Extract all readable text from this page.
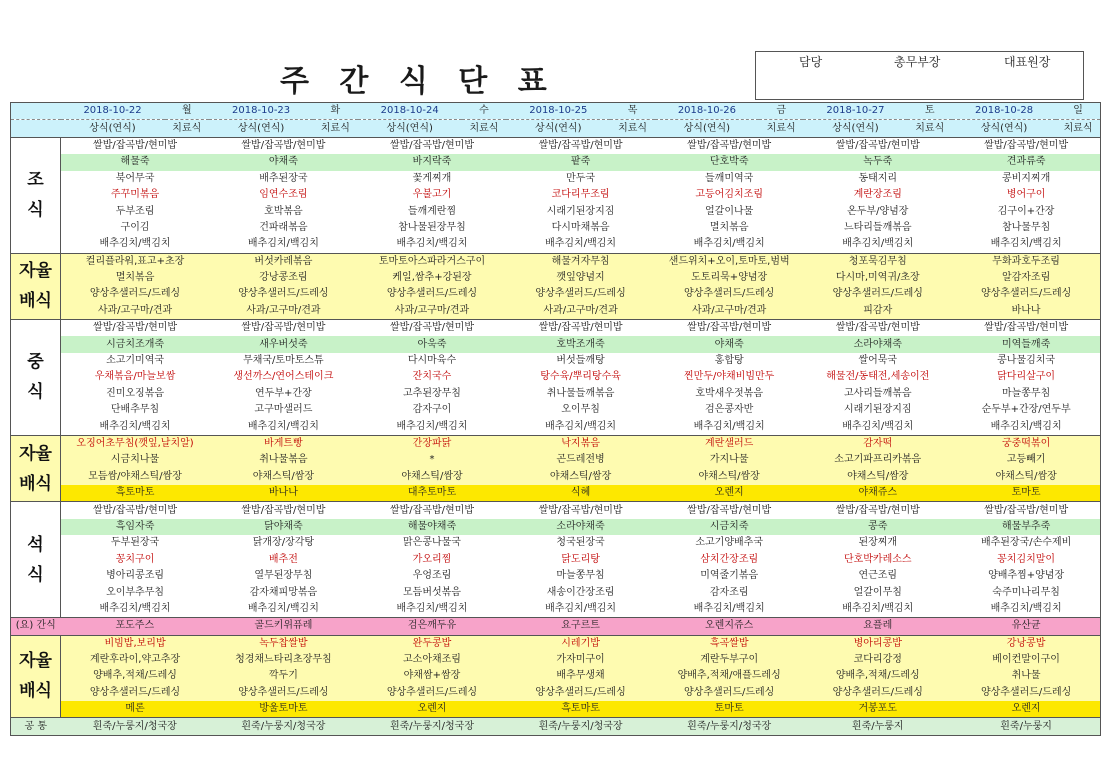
주 간 식 단 표
담당	총무부장	대표원장
	2018-10-22	월	2018-10-23	화	2018-10-24	수	2018-10-25	목	2018-10-26	금	2018-10-27	토	2018-10-28	일
	상식(연식)	치료식	상식(연식)	치료식	상식(연식)	치료식	상식(연식)	치료식	상식(연식)	치료식	상식(연식)	치료식	상식(연식)	치료식
조
식	쌀밥/잡곡밥/현미밥		쌀밥/잡곡밥/현미밥		쌀밥/잡곡밥/현미밥		쌀밥/잡곡밥/현미밥		쌀밥/잡곡밥/현미밥		쌀밥/잡곡밥/현미밥		쌀밥/잡곡밥/현미밥	
	해물죽		야채죽		바지락죽		팥죽		단호박죽		녹두죽		견과류죽	
	북어무국		배추된장국		꽃게찌개		만두국		들깨미역국		동태지리		콩비지찌개	
	주꾸미볶음		임연수조림		우불고기		코다리무조림		고등어김치조림		계란장조림		병어구이	
	두부조림		호박볶음		들깨계란찜		시래기된장지짐		얼갈이나물		온두부/양념장		김구이+간장	
	구이김		건파래볶음		참나물된장무침		다시마채볶음		멸치볶음		느타리들깨볶음		참나물무침	
	배추김치/백김치		배추김치/백김치		배추김치/백김치		배추김치/백김치		배추김치/백김치		배추김치/백김치		배추김치/백김치	
자율
배식	컬리플라워,표고+초장		버섯카레볶음		토마토아스파라거스구이		해물겨자무침		샌드위치+오이,토마토,범벅		청포묵김무침		무화과호두조림	
	멸치볶음		강낭콩조림		케일,쌈추+강된장		깻잎양념지		도토리묵+양념장		다시마,미역귀/초장		알감자조림	
	양상추샐러드/드레싱		양상추샐러드/드레싱		양상추샐러드/드레싱		양상추샐러드/드레싱		양상추샐러드/드레싱		양상추샐러드/드레싱		양상추샐러드/드레싱	
	사과/고구마/견과		사과/고구마/견과		사과/고구마/견과		사과/고구마/견과		사과/고구마/견과		피감자		바나나	
중
식	쌀밥/잡곡밥/현미밥		쌀밥/잡곡밥/현미밥		쌀밥/잡곡밥/현미밥		쌀밥/잡곡밥/현미밥		쌀밥/잡곡밥/현미밥		쌀밥/잡곡밥/현미밥		쌀밥/잡곡밥/현미밥	
	시금치조개죽		새우버섯죽		아욱죽		호박조개죽		야채죽		소라야채죽		미역들깨죽	
	소고기미역국		무채국/토마토스튜		다시마육수		버섯들깨탕		홍합탕		쌀어묵국		콩나물김치국	
	우채볶음/마늘보쌈		생선까스/연어스테이크		잔치국수		탕수육/뿌리탕수육		찐만두/야채비빔만두		해물전/동태전,세송이전		닭다리살구이	
	진미오징볶음		연두부+간장		고추된장무침		취나물들깨볶음		호박새우젓볶음		고사리들깨볶음		마늘쫑무침	
	단배추무침		고구마샐러드		감자구이		오이무침		검은콩자반		시래기된장지짐		순두부+간장/연두부	
	배추김치/백김치		배추김치/백김치		배추김치/백김치		배추김치/백김치		배추김치/백김치		배추김치/백김치		배추김치/백김치	
자율
배식	오징어초무침(깻잎,날치알)		바게트빵		간장파닭		낙지볶음		계란샐러드		감자떡		궁중떡볶이	
	시금치나물		취나물볶음		*		곤드레전병		가지나물		소고기파프리카볶음		고등빼기	
	모듬쌈/야채스틱/쌈장		야채스틱/쌈장		야채스틱/쌈장		야채스틱/쌈장		야채스틱/쌈장		야채스틱/쌈장		야채스틱/쌈장	
	흑토마토		바나나		대추토마토		식혜		오렌지		야채쥬스		토마토	
석
식	쌀밥/잡곡밥/현미밥		쌀밥/잡곡밥/현미밥		쌀밥/잡곡밥/현미밥		쌀밥/잡곡밥/현미밥		쌀밥/잡곡밥/현미밥		쌀밥/잡곡밥/현미밥		쌀밥/잡곡밥/현미밥	
	흑임자죽		닭야채죽		해물야채죽		소라야채죽		시금치죽		콩죽		해물부추죽	
	두부된장국		닭개장/장각탕		맑은콩나물국		청국된장국		소고기양배추국		된장찌개		배추된장국/손수제비	
	꽁치구이		배추전		가오리찜		닭도리탕		삼치간장조림		단호박카레소스		꽁치김치말이	
	병아리콩조림		열무된장무침		우엉조림		마늘쫑무침		미역줄기볶음		연근조림		양배추찜+양념장	
	오이부추무침		감자채피망볶음		모듬버섯볶음		새송이간장조림		감자조림		얼갈이무침		숙주미나리무침	
	배추김치/백김치		배추김치/백김치		배추김치/백김치		배추김치/백김치		배추김치/백김치		배추김치/백김치		배추김치/백김치	
(요) 간식	포도주스		골드키위퓨레		검은깨두유		요구르트		오렌지쥬스		요플레		유산균	
자율
배식	비빔밥,보리밥		녹두찹쌀밥		완두콩밥		시레기밥		흑곡쌀밥		병아리콩밥		강낭콩밥	
	계란후라이,약고추장		청경채느타리초장무침		고소아채조림		가자미구이		계란두부구이		코다리강정		베이컨말이구이	
	양배추,적채/드레싱		깍두기		야채쌈+쌈장		배추무생채		양배추,적채/애플드레싱		양배추,적채/드레싱		취나물	
	양상추샐러드/드레싱		양상추샐러드/드레싱		양상추샐러드/드레싱		양상추샐러드/드레싱		양상추샐러드/드레싱		양상추샐러드/드레싱		양상추샐러드/드레싱	
	메론		방울토마토		오렌지		흑토마토		토마토		거봉포도		오렌지	
공 통	흰죽/누룽지/청국장		흰죽/누룽지/청국장		흰죽/누룽지/청국장		흰죽/누룽지/청국장		흰죽/누룽지/청국장		흰죽/누룽지		흰죽/누룽지	
